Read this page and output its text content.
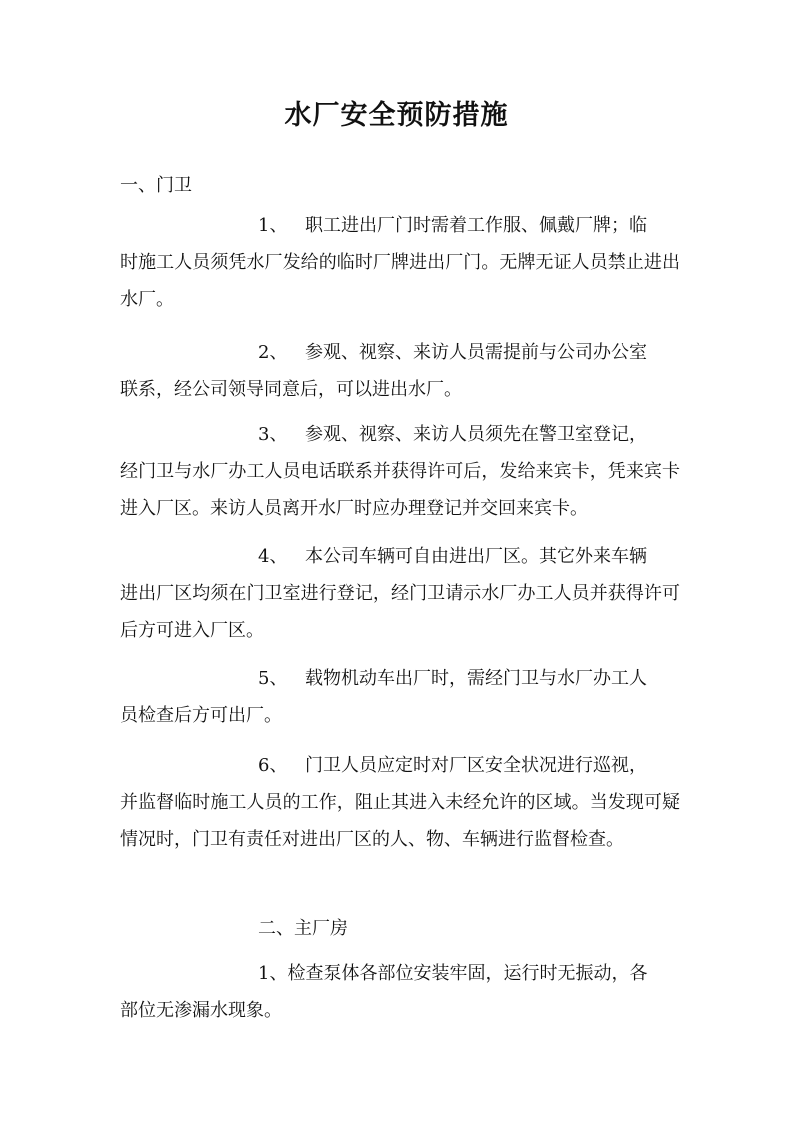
水厂安全预防措施
一、门卫
1、 职工进出厂门时需着工作服、佩戴厂牌；临
时施工人员须凭水厂发给的临时厂牌进出厂门。无牌无证人员禁止进出水厂。
2、 参观、视察、来访人员需提前与公司办公室
联系，经公司领导同意后，可以进出水厂。
3、 参观、视察、来访人员须先在警卫室登记，
经门卫与水厂办工人员电话联系并获得许可后，发给来宾卡，凭来宾卡进入厂区。来访人员离开水厂时应办理登记并交回来宾卡。
4、 本公司车辆可自由进出厂区。其它外来车辆
进出厂区均须在门卫室进行登记，经门卫请示水厂办工人员并获得许可后方可进入厂区。
5、 载物机动车出厂时，需经门卫与水厂办工人
员检查后方可出厂。
6、 门卫人员应定时对厂区安全状况进行巡视，
并监督临时施工人员的工作，阻止其进入未经允许的区域。当发现可疑情况时，门卫有责任对进出厂区的人、物、车辆进行监督检查。
二、主厂房
1、检查泵体各部位安装牢固，运行时无振动，各
部位无渗漏水现象。
